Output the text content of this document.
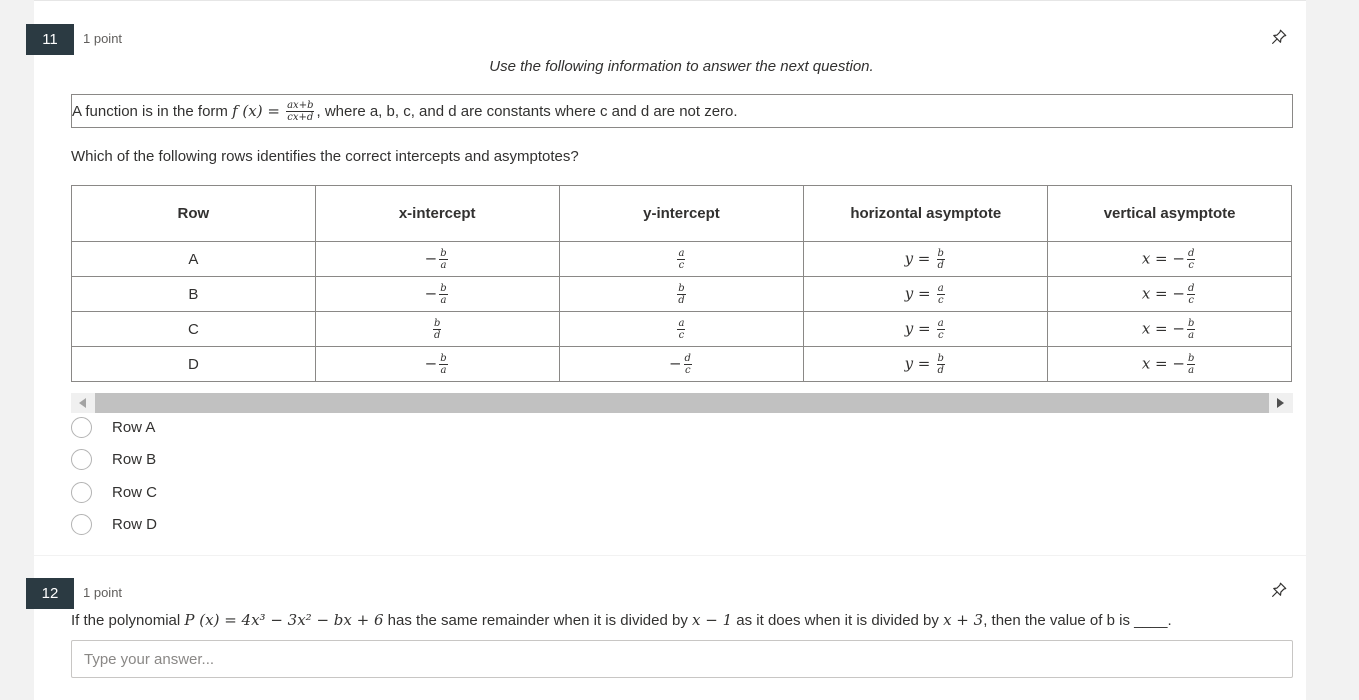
11	1 point
Use the following information to answer the next question.
A function is in the form
f (x) =
$\frac{ax+b}{cx+d}$ , where a, b, c, and d are constants where c and d are not zero.
Which of the following rows identifies the correct intercepts and asymptotes?
Row	x-intercept	y-intercept	horizontal asymptote	vertical asymptote
A	− $\frac{b}{a}$	$\frac{a}{c}$	$y = \frac{b}{d}$	x = − $\frac{d}{c}$

B	− $\frac{b}{a}$	$\frac{b}{d}$	$y = \frac{a}{c}$	x = − $\frac{d}{c}$

C	$\frac{b}{d}$	$\frac{a}{c}$	$y = \frac{a}{c}$	x = − $\frac{b}{a}$

D	− $\frac{b}{a}$	− $\frac{d}{c}$	$y = \frac{b}{d}$	x = − $\frac{b}{a}$
Row A
Row B
Row C
Row D
12	1 point
If the polynomial P (x) = 4x³ − 3x² − bx + 6 has the same remainder when it is divided by x − 1 as it does when it is divided by x + 3, then the value of b is ____.
Type your answer...
